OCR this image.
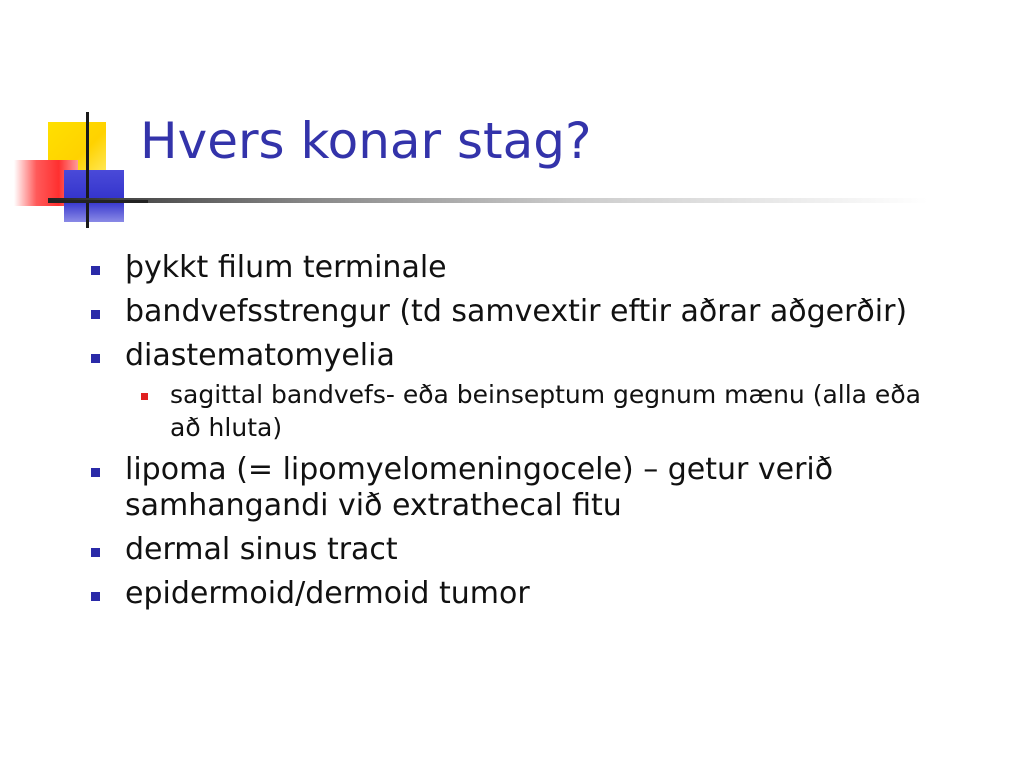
Hvers konar stag?
þykkt filum terminale
bandvefsstrengur (td samvextir eftir aðrar aðgerðir)
diastematomyelia
sagittal bandvefs- eða beinseptum gegnum mænu (alla eða að hluta)
lipoma (= lipomyelomeningocele) – getur verið samhangandi við extrathecal fitu
dermal sinus tract
epidermoid/dermoid tumor
